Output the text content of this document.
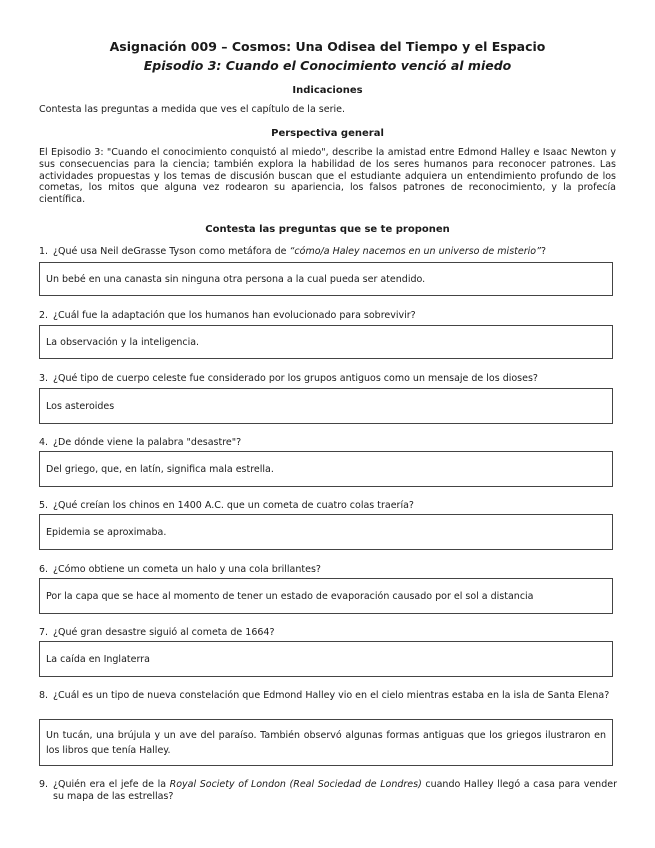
Asignación 009 – Cosmos: Una Odisea del Tiempo y el Espacio
Episodio 3: Cuando el Conocimiento venció al miedo
Indicaciones
Contesta las preguntas a medida que ves el capítulo de la serie.
Perspectiva general
El Episodio 3: "Cuando el conocimiento conquistó al miedo", describe la amistad entre Edmond Halley e Isaac Newton y sus consecuencias para la ciencia; también explora la habilidad de los seres humanos para reconocer patrones. Las actividades propuestas y los temas de discusión buscan que el estudiante adquiera un entendimiento profundo de los cometas, los mitos que alguna vez rodearon su apariencia, los falsos patrones de reconocimiento, y la profecía científica.
Contesta las preguntas que se te proponen
1. ¿Qué usa Neil deGrasse Tyson como metáfora de “cómo/a Haley nacemos en un universo de misterio”?
Un bebé en una canasta sin ninguna otra persona a la cual pueda ser atendido.
2. ¿Cuál fue la adaptación que los humanos han evolucionado para sobrevivir?
La observación y la inteligencia.
3. ¿Qué tipo de cuerpo celeste fue considerado por los grupos antiguos como un mensaje de los dioses?
Los asteroides
4. ¿De dónde viene la palabra "desastre"?
Del griego, que, en latín, significa mala estrella.
5. ¿Qué creían los chinos en 1400 A.C. que un cometa de cuatro colas traería?
Epidemia se aproximaba.
6. ¿Cómo obtiene un cometa un halo y una cola brillantes?
Por la capa que se hace al momento de tener un estado de evaporación causado por el sol a distancia
7. ¿Qué gran desastre siguió al cometa de 1664?
La caída en Inglaterra
8. ¿Cuál es un tipo de nueva constelación que Edmond Halley vio en el cielo mientras estaba en la isla de Santa Elena?
Un tucán, una brújula y un ave del paraíso. También observó algunas formas antiguas que los griegos ilustraron en los libros que tenía Halley.
9. ¿Quién era el jefe de la Royal Society of London (Real Sociedad de Londres) cuando Halley llegó a casa para vender su mapa de las estrellas?
